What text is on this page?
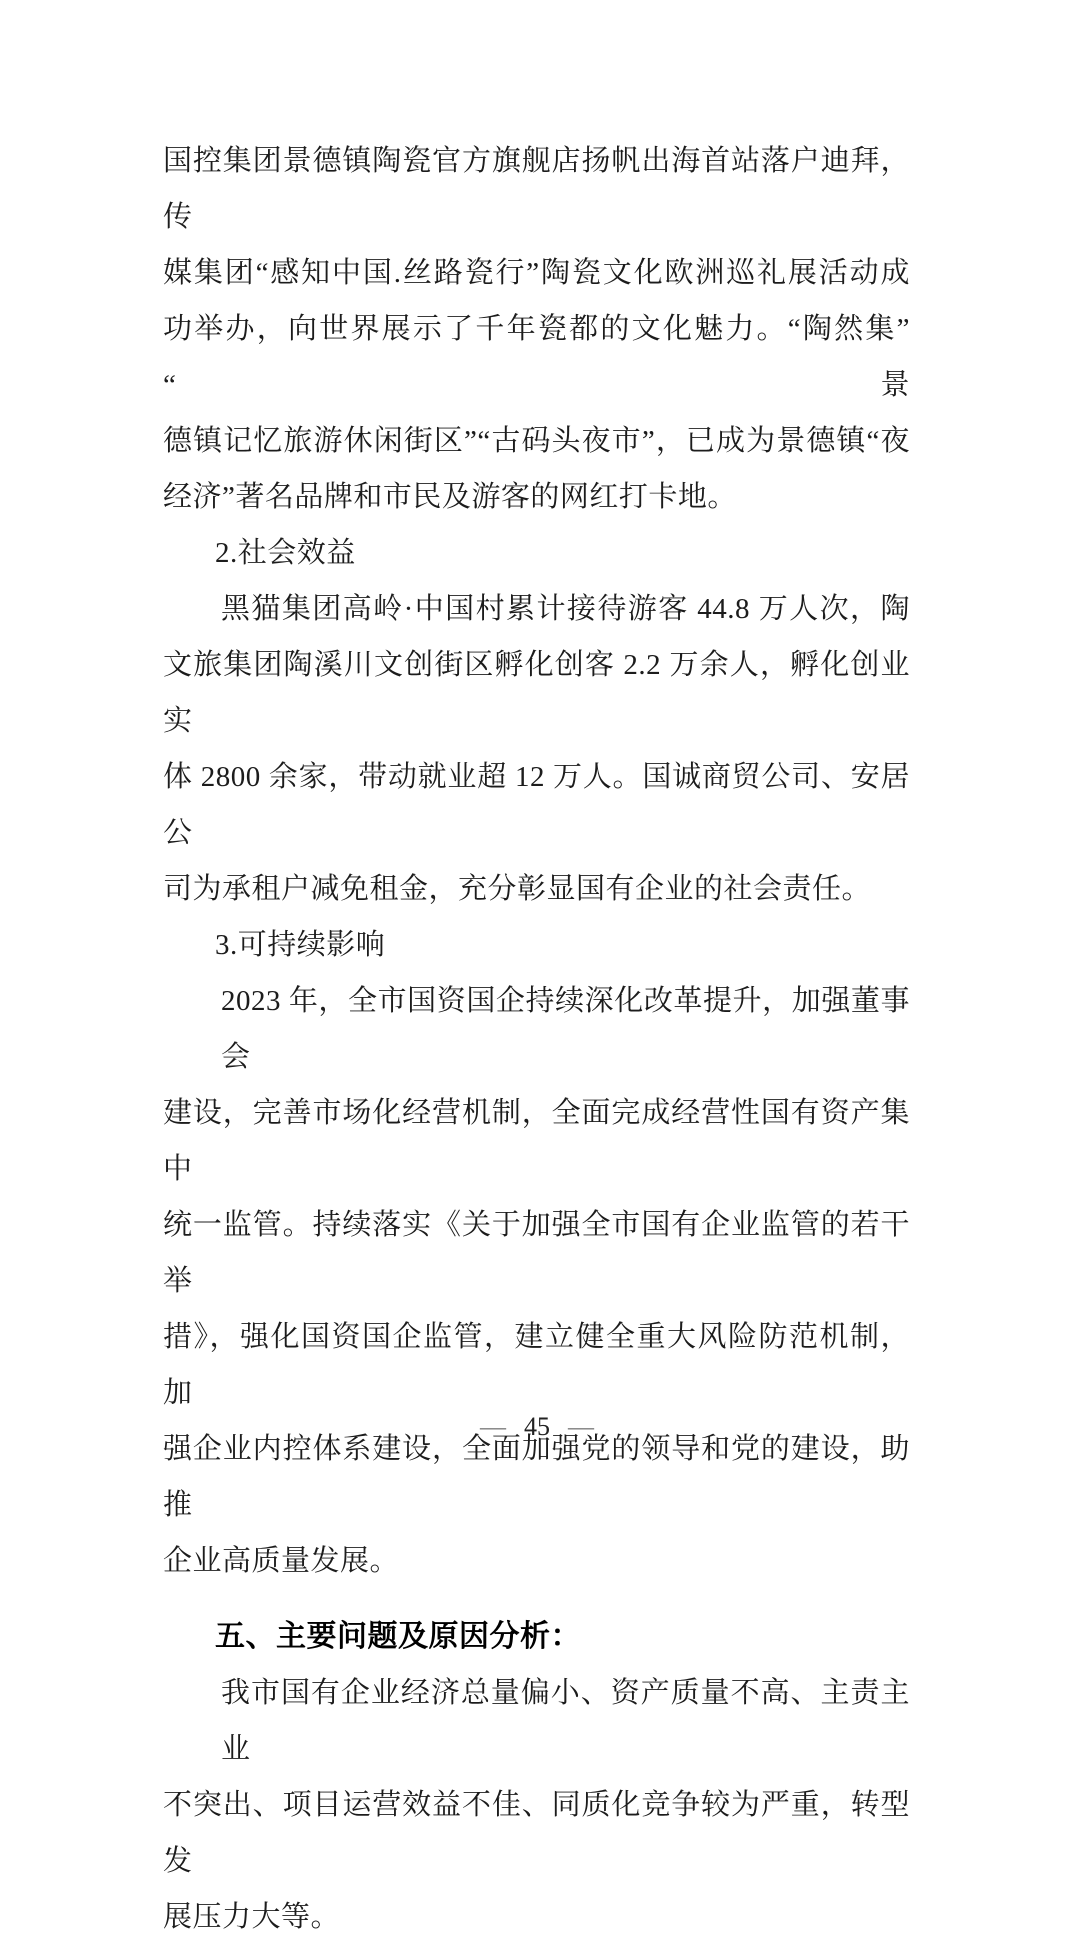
国控集团景德镇陶瓷官方旗舰店扬帆出海首站落户迪拜，传
媒集团“感知中国.丝路瓷行”陶瓷文化欧洲巡礼展活动成
功举办，向世界展示了千年瓷都的文化魅力。“陶然集”“景
德镇记忆旅游休闲街区”“古码头夜市”，已成为景德镇“夜
经济”著名品牌和市民及游客的网红打卡地。
2.社会效益
黑猫集团高岭·中国村累计接待游客 44.8 万人次，陶
文旅集团陶溪川文创街区孵化创客 2.2 万余人，孵化创业实
体 2800 余家，带动就业超 12 万人。国诚商贸公司、安居公
司为承租户减免租金，充分彰显国有企业的社会责任。
3.可持续影响
2023 年，全市国资国企持续深化改革提升，加强董事会
建设，完善市场化经营机制，全面完成经营性国有资产集中
统一监管。持续落实《关于加强全市国有企业监管的若干举
措》，强化国资国企监管，建立健全重大风险防范机制，加
强企业内控体系建设，全面加强党的领导和党的建设，助推
企业高质量发展。
五、主要问题及原因分析：
我市国有企业经济总量偏小、资产质量不高、主责主业
不突出、项目运营效益不佳、同质化竞争较为严重，转型发
展压力大等。
— 45 —
